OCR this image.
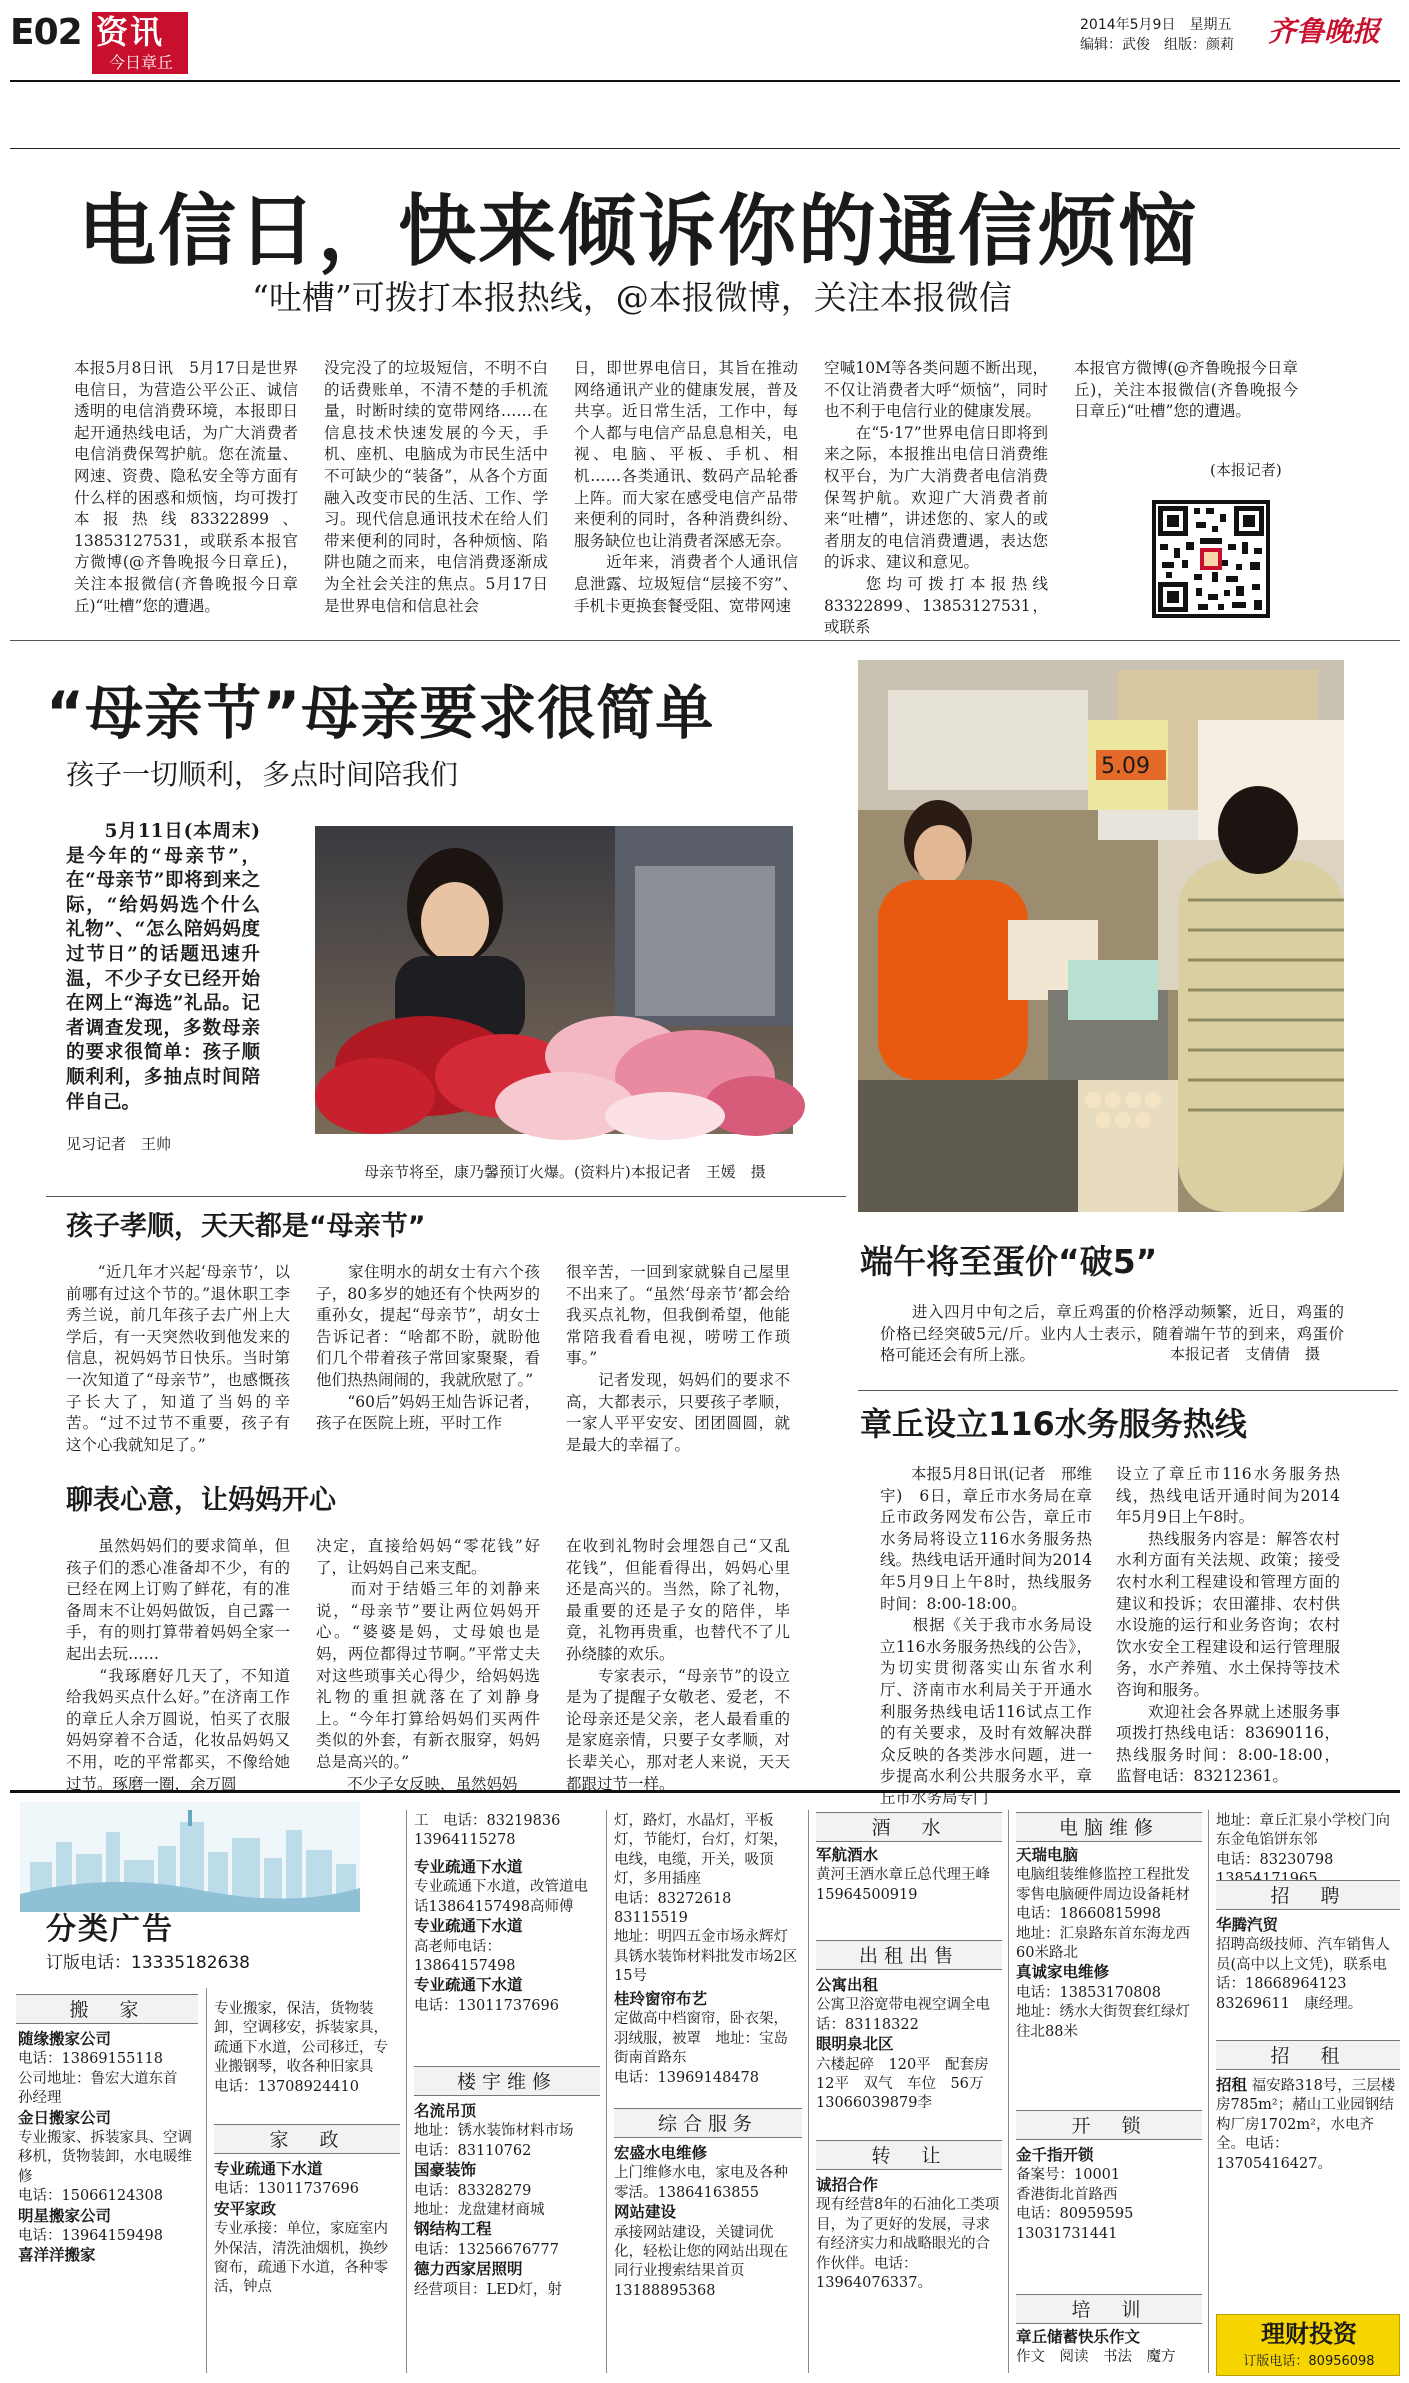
E02 资讯
今日章丘
2014年5月9日　星期五
编辑：武俊　组版：颜莉 齐鲁晚报
电信日，快来倾诉你的通信烦恼
“吐槽”可拨打本报热线，@本报微博，关注本报微信
本报5月8日讯　5月17日是世界电信日，为营造公平公正、诚信透明的电信消费环境，本报即日起开通热线电话，为广大消费者电信消费保驾护航。您在流量、网速、资费、隐私安全等方面有什么样的困惑和烦恼，均可拨打本报热线83322899、13853127531，或联系本报官方微博(@齐鲁晚报今日章丘)，关注本报微信(齐鲁晚报今日章丘)“吐槽”您的遭遇。
没完没了的垃圾短信，不明不白的话费账单，不清不楚的手机流量，时断时续的宽带网络……在信息技术快速发展的今天，手机、座机、电脑成为市民生活中不可缺少的“装备”，从各个方面融入改变市民的生活、工作、学习。现代信息通讯技术在给人们带来便利的同时，各种烦恼、陷阱也随之而来，电信消费逐渐成为全社会关注的焦点。5月17日是世界电信和信息社会
日，即世界电信日，其旨在推动网络通讯产业的健康发展，普及共享。近日常生活，工作中，每个人都与电信产品息息相关，电视、电脑、平板、手机、相机……各类通讯、数码产品轮番上阵。而大家在感受电信产品带来便利的同时，各种消费纠纷、服务缺位也让消费者深感无奈。
　　近年来，消费者个人通讯信息泄露、垃圾短信“层接不穷”、手机卡更换套餐受阻、宽带网速
空喊10M等各类问题不断出现，不仅让消费者大呼“烦恼”，同时也不利于电信行业的健康发展。
　　在“5·17”世界电信日即将到来之际，本报推出电信日消费维权平台，为广大消费者电信消费保驾护航。欢迎广大消费者前来“吐槽”，讲述您的、家人的或者朋友的电信消费遭遇，表达您的诉求、建议和意见。
　　您均可拨打本报热线83322899、13853127531，或联系
本报官方微博(@齐鲁晚报今日章丘)，关注本报微信(齐鲁晚报今日章丘)“吐槽”您的遭遇。
(本报记者)
“母亲节”母亲要求很简单
孩子一切顺利，多点时间陪我们
　　5月11日(本周末)是今年的“母亲节”，在“母亲节”即将到来之际，“给妈妈选个什么礼物”、“怎么陪妈妈度过节日”的话题迅速升温，不少子女已经开始在网上“海选”礼品。记者调查发现，多数母亲的要求很简单：孩子顺顺利利，多抽点时间陪伴自己。
见习记者　王帅
母亲节将至，康乃馨预订火爆。(资料片)本报记者　王媛　摄
孩子孝顺，天天都是“母亲节”
　　“近几年才兴起‘母亲节’，以前哪有过这个节的。”退休职工李秀兰说，前几年孩子去广州上大学后，有一天突然收到他发来的信息，祝妈妈节日快乐。当时第一次知道了“母亲节”，也感慨孩子长大了，知道了当妈的辛苦。“过不过节不重要，孩子有这个心我就知足了。”
　　家住明水的胡女士有六个孩子，80多岁的她还有个快两岁的重孙女，提起“母亲节”，胡女士告诉记者：“啥都不盼，就盼他们几个带着孩子常回家聚聚，看他们热热闹闹的，我就欣慰了。”
　　“60后”妈妈王灿告诉记者，孩子在医院上班，平时工作
很辛苦，一回到家就躲自己屋里不出来了。“虽然‘母亲节’都会给我买点礼物，但我倒希望，他能常陪我看看电视，唠唠工作琐事。”
　　记者发现，妈妈们的要求不高，大都表示，只要孩子孝顺，一家人平平安安、团团圆圆，就是最大的幸福了。
聊表心意，让妈妈开心
　　虽然妈妈们的要求简单，但孩子们的悉心准备却不少，有的已经在网上订购了鲜花，有的准备周末不让妈妈做饭，自己露一手，有的则打算带着妈妈全家一起出去玩……
　　“我琢磨好几天了，不知道给我妈买点什么好。”在济南工作的章丘人余万圆说，怕买了衣服妈妈穿着不合适，化妆品妈妈又不用，吃的平常都买，不像给她过节。琢磨一圈，余万圆
决定，直接给妈妈“零花钱”好了，让妈妈自己来支配。
　　而对于结婚三年的刘静来说，“母亲节”要让两位妈妈开心。“婆婆是妈，丈母娘也是妈，两位都得过节啊。”平常丈夫对这些琐事关心得少，给妈妈选礼物的重担就落在了刘静身上。“今年打算给妈妈们买两件类似的外套，有新衣服穿，妈妈总是高兴的。”
　　不少子女反映，虽然妈妈
在收到礼物时会埋怨自己“又乱花钱”，但能看得出，妈妈心里还是高兴的。当然，除了礼物，最重要的还是子女的陪伴，毕竟，礼物再贵重，也替代不了儿孙绕膝的欢乐。
　　专家表示，“母亲节”的设立是为了提醒子女敬老、爱老，不论母亲还是父亲，老人最看重的是家庭亲情，只要子女孝顺，对长辈关心，那对老人来说，天天都跟过节一样。
5.09
端午将至蛋价“破5”
　　进入四月中旬之后，章丘鸡蛋的价格浮动频繁，近日，鸡蛋的价格已经突破5元/斤。业内人士表示，随着端午节的到来，鸡蛋价格可能还会有所上涨。	本报记者　支倩倩　摄
章丘设立116水务服务热线
　　本报5月8日讯(记者　邢维宇)　6日，章丘市水务局在章丘市政务网发布公告，章丘市水务局将设立116水务服务热线。热线电话开通时间为2014年5月9日上午8时，热线服务时间：8:00-18:00。
　　根据《关于我市水务局设立116水务服务热线的公告》，为切实贯彻落实山东省水利厅、济南市水利局关于开通水利服务热线电话116试点工作的有关要求，及时有效解决群众反映的各类涉水问题，进一步提高水利公共服务水平，章丘市水务局专门
设立了章丘市116水务服务热线，热线电话开通时间为2014年5月9日上午8时。
　　热线服务内容是：解答农村水利方面有关法规、政策；接受农村水利工程建设和管理方面的建议和投诉；农田灌排、农村供水设施的运行和业务咨询；农村饮水安全工程建设和运行管理服务，水产养殖、水土保持等技术咨询和服务。
　　欢迎社会各界就上述服务事项拨打热线电话：83690116，热线服务时间：8:00-18:00，监督电话：83212361。
分类广告
订版电话：13335182638
搬　家
随缘搬家公司
电话：13869155118
公司地址：鲁宏大道东首　孙经理
金日搬家公司
专业搬家、拆装家具、空调移机，货物装卸，水电暖维修
电话：15066124308
明星搬家公司
电话：13964159498
喜洋洋搬家
专业搬家，保洁，货物装卸，空调移安，拆装家具，疏通下水道，公司移迁，专业搬钢琴，收各种旧家具
电话：13708924410
家　政
专业疏通下水道
电话：13011737696
安平家政
专业承接：单位，家庭室内外保洁，清洗油烟机，换纱窗布，疏通下水道，各种零活，钟点
工　电话：83219836
13964115278
专业疏通下水道
专业疏通下水道，改管道电话13864157498高师傅
专业疏通下水道
高老师电话：13864157498
专业疏通下水道
电话：13011737696
楼宇维修
名流吊顶
地址：锈水装饰材料市场　电话：83110762
国豪装饰
电话：83328279
地址：龙盘建材商城
钢结构工程
电话：13256676777
德力西家居照明
经营项目：LED灯，射
灯，路灯，水晶灯，平板灯，节能灯，台灯，灯架，电线，电缆，开关，吸顶灯，多用插座
电话：83272618　83115519
地址：明四五金市场永辉灯具锈水装饰材料批发市场2区15号
桂玲窗帘布艺
定做高中档窗帘，卧衣架，羽绒服，被罩　地址：宝岛街南首路东
电话：13969148478
综合服务
宏盛水电维修
上门维修水电，家电及各种零活。13864163855
网站建设
承接网站建设，关键词优化，轻松让您的网站出现在同行业搜索结果首页　13188895368
酒　水
军航酒水
黄河王酒水章丘总代理王峰　15964500919
出租出售
公寓出租
公寓卫浴宽带电视空调全电话：83118322
眼明泉北区
六楼起碎　120平　配套房12平　双气　车位　56万　13066039879李
转　让
诚招合作
现有经营8年的石油化工类项目，为了更好的发展，寻求有经济实力和战略眼光的合作伙伴。电话：13964076337。
电脑维修
天瑞电脑
电脑组装维修监控工程批发零售电脑硬件周边设备耗材
电话：18660815998
地址：汇泉路东首东海龙西60米路北
真诚家电维修
电话：13853170808
地址：绣水大街贺套红绿灯往北88米
开　锁
金千指开锁
备案号：10001
香港街北首路西
电话：80959595
13031731441
培　训
章丘储蓄快乐作文
作文　阅读　书法　魔方
地址：章丘汇泉小学校门向东金龟馅饼东邻
电话：83230798　
招　聘
华腾汽贸
招聘高级技师、汽车销售人员(高中以上文凭)，联系电话：18668964123　83269611　康经理。
招　租
招租 福安路318号，三层楼房785m²；赭山工业园钢结构厂房1702m²，水电齐全。电话：13705416427。
理财投资
订版电话：80956098
